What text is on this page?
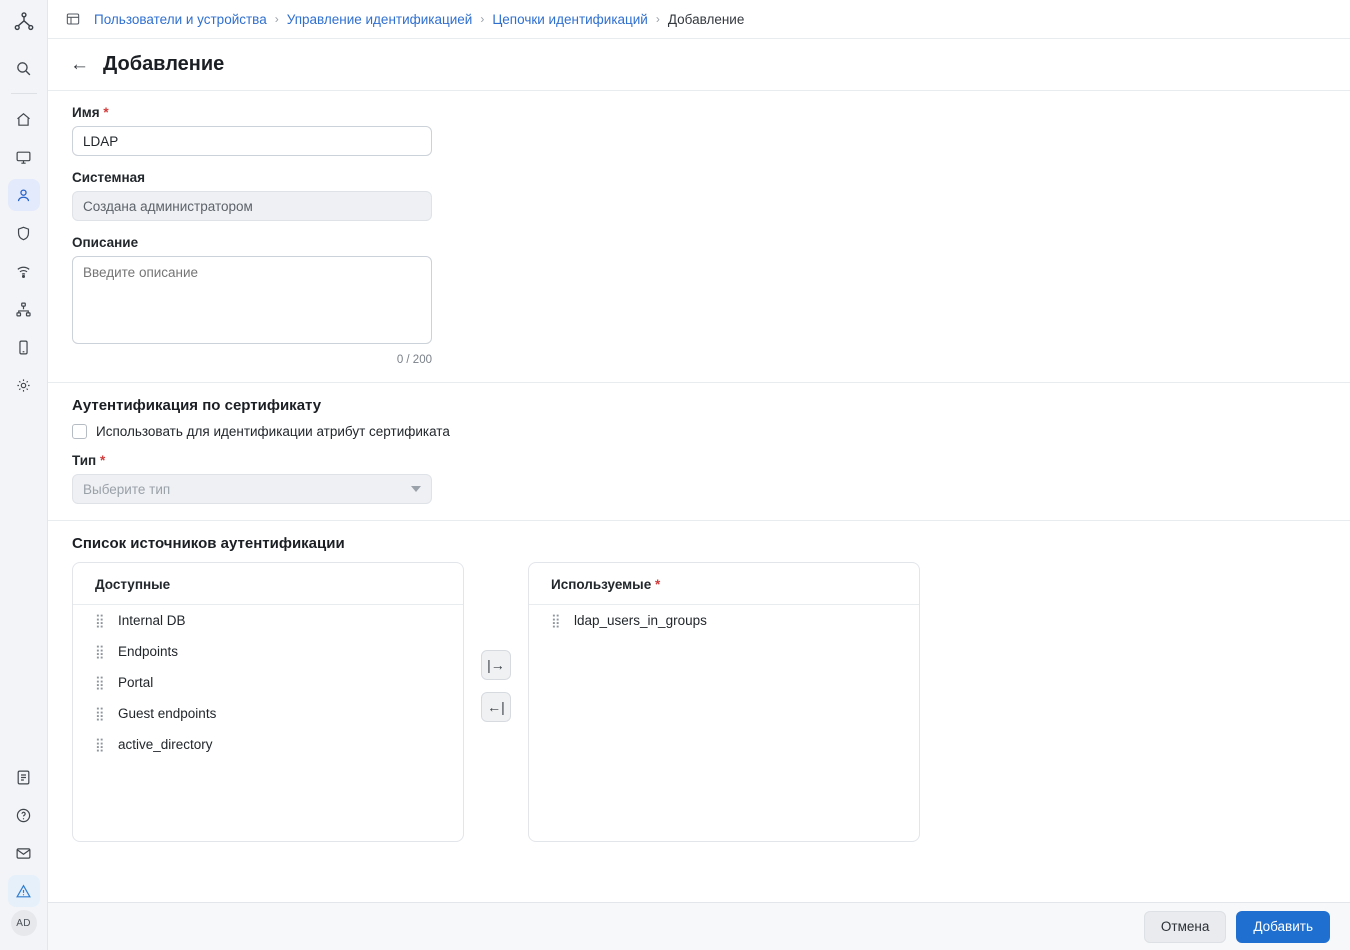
AD
Пользователи и устройства › Управление идентификацией › Цепочки идентификаций › Добавление
← Добавление
Имя *
LDAP
Системная
Создана администратором
Описание
Введите описание
0 / 200
Аутентификация по сертификату
Использовать для идентификации атрибут сертификата
Тип *
Выберите тип
Список источников аутентификации
Доступные
⣿ Internal DB
⣿ Endpoints
⣿ Portal
⣿ Guest endpoints
⣿ active_directory
|→
←|
Используемые *
⣿ ldap_users_in_groups
Отмена	Добавить
